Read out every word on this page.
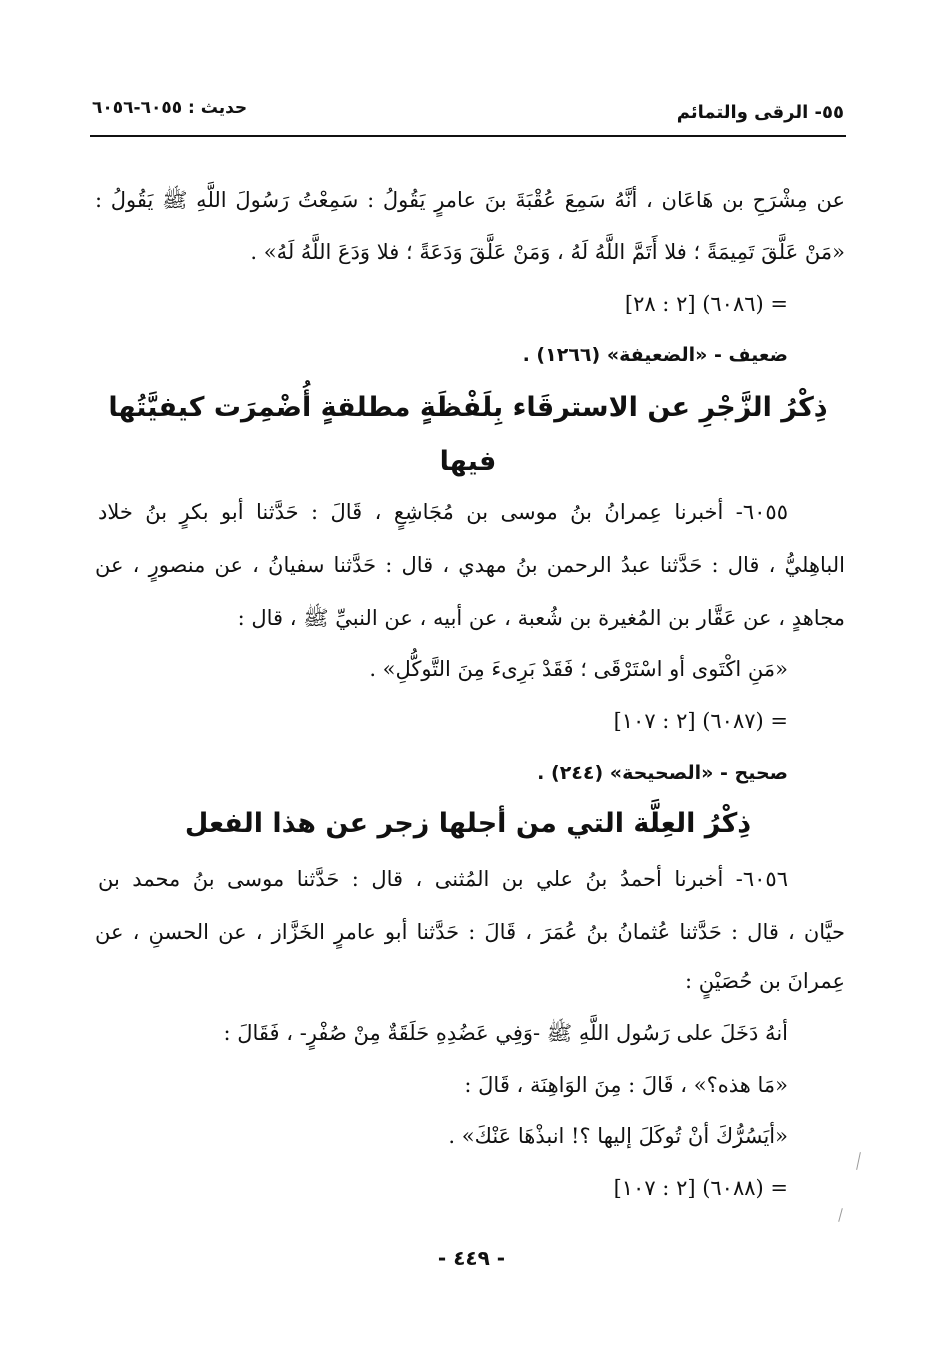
٥٥- الرقى والتمائم
حديث : ٦٠٥٥-٦٠٥٦
عن مِشْرَحِ بن هَاعَان ، أنَّهُ سَمِعَ عُقْبَةَ بنَ عامرٍ يَقُولُ : سَمِعْتُ رَسُولَ اللَّهِ ﷺ يَقُولُ :
«مَنْ عَلَّقَ تَمِيمَةً ؛ فلا أَتَمَّ اللَّهُ لَهُ ، وَمَنْ عَلَّقَ وَدَعَةً ؛ فلا وَدَعَ اللَّهُ لَهُ» .
= (٦٠٨٦) [٢ : ٢٨]
ضعيف - «الضعيفة» (١٢٦٦) .
ذِكْرُ الزَّجْرِ عن الاسترقَاء بِلَفْظَةٍ مطلقةٍ أُضْمِرَت كيفيَّتُها
فيها
٦٠٥٥- أخبرنا عِمرانُ بنُ موسى بن مُجَاشِعٍ ، قَالَ : حَدَّثنا أبو بكرٍ بنُ خلاد
الباهِليُّ ، قال : حَدَّثنا عبدُ الرحمن بنُ مهدي ، قال : حَدَّثنا سفيانُ ، عن منصورٍ ، عن
مجاهدٍ ، عن عَقَّار بن المُغيرة بن شُعبة ، عن أبيه ، عن النبيِّ ﷺ ، قال :
«مَنِ اكْتَوى أو اسْتَرْقَى ؛ فَقَدْ بَرِىءَ مِنَ التَّوكُّلِ» .
= (٦٠٨٧) [٢ : ١٠٧]
صحيح - «الصحيحة» (٢٤٤) .
ذِكْرُ العِلَّة التي من أجلها زجر عن هذا الفعل
٦٠٥٦- أخبرنا أحمدُ بنُ علي بن المُثنى ، قال : حَدَّثنا موسى بنُ محمد بن
حيَّان ، قال : حَدَّثنا عُثمانُ بنُ عُمَرَ ، قَالَ : حَدَّثنا أبو عامرٍ الخَزَّاز ، عن الحسنِ ، عن
عِمرانَ بن حُصَيْنٍ :
أنهُ دَخَلَ على رَسُول اللَّهِ ﷺ -وَفِي عَضُدِهِ حَلَقَةٌ مِنْ صُفْرٍ- ، فَقَالَ :
«مَا هذه؟» ، قَالَ : مِنَ الوَاهِنَة ، قَالَ :
«أيَسُرُّكَ أنْ تُوكَلَ إليها ؟! انبذْهَا عَنْكَ» .
= (٦٠٨٨) [٢ : ١٠٧]
- ٤٤٩ -
